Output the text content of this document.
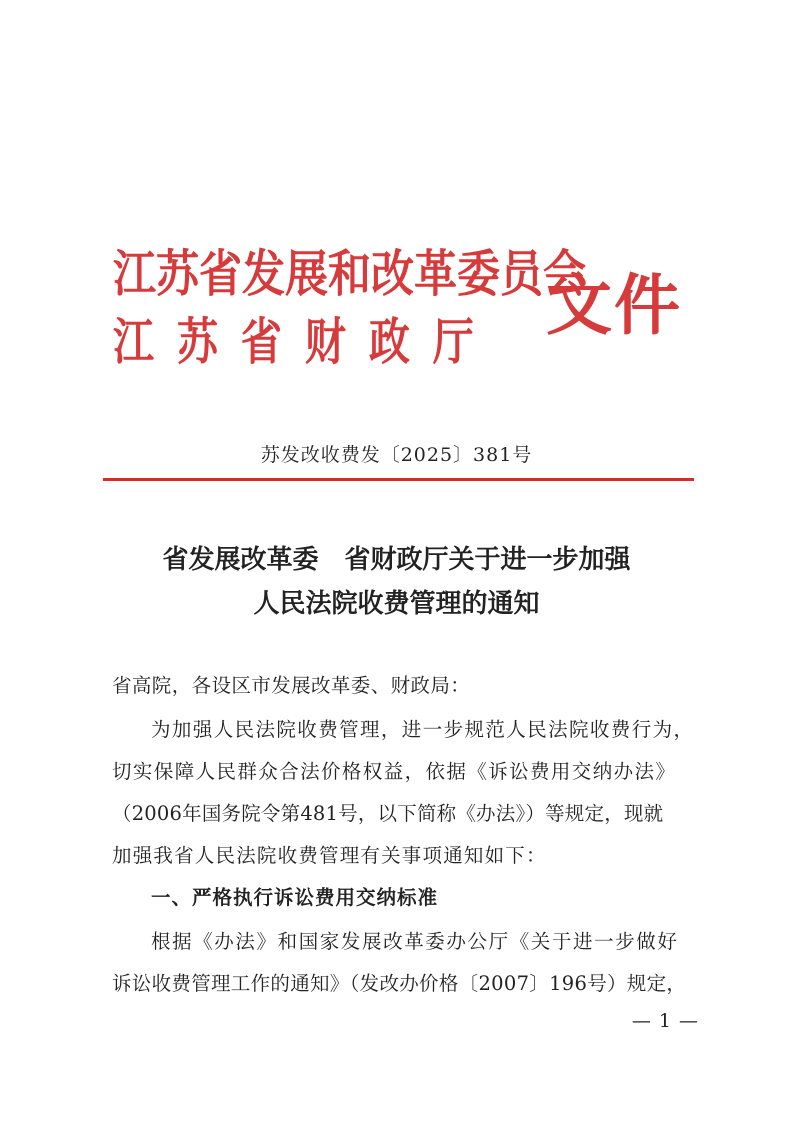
江苏省发展和改革委员会
江苏省财政厅 文件
苏发改收费发〔2025〕381号
省发展改革委 省财政厅关于进一步加强
人民法院收费管理的通知
省高院，各设区市发展改革委、财政局：
为加强人民法院收费管理，进一步规范人民法院收费行为，
切实保障人民群众合法价格权益，依据《诉讼费用交纳办法》
（2006年国务院令第481号，以下简称《办法》）等规定，现就
加强我省人民法院收费管理有关事项通知如下：
一、严格执行诉讼费用交纳标准
根据《办法》和国家发展改革委办公厅《关于进一步做好
诉讼收费管理工作的通知》（发改办价格〔2007〕196号）规定，
— 1 —
